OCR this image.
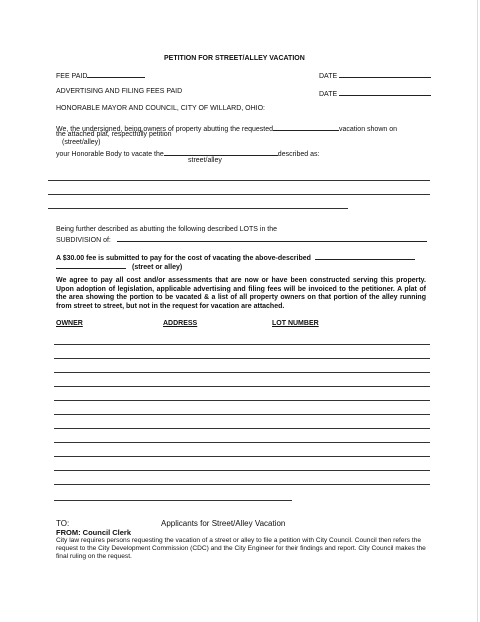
PETITION FOR STREET/ALLEY VACATION
FEE PAID	DATE
ADVERTISING AND FILING FEES PAID	DATE
HONORABLE MAYOR AND COUNCIL, CITY OF WILLARD, OHIO:
We, the undersigned, being owners of property abutting the requested	vacation shown on
the attached plat, respectfully petition
(street/alley)
your Honorable Body to vacate the	described as:
street/alley
Being further described as abutting the following described LOTS in the
SUBDIVISION of:
A $30.00 fee is submitted to pay for the cost of vacating the above-described
(street or alley)
We agree to pay all cost and/or assessments that are now or have been constructed serving this property. Upon adoption of legislation, applicable advertising and filing fees will be invoiced to the petitioner. A plat of the area showing the portion to be vacated & a list of all property owners on that portion of the alley running from street to street, but not in the request for vacation are attached.
OWNER	ADDRESS	LOT NUMBER
TO:	Applicants for Street/Alley Vacation
FROM: Council Clerk
City law requires persons requesting the vacation of a street or alley to file a petition with City Council. Council then refers the request to the City Development Commission (CDC) and the City Engineer for their findings and report. City Council makes the final ruling on the request.
